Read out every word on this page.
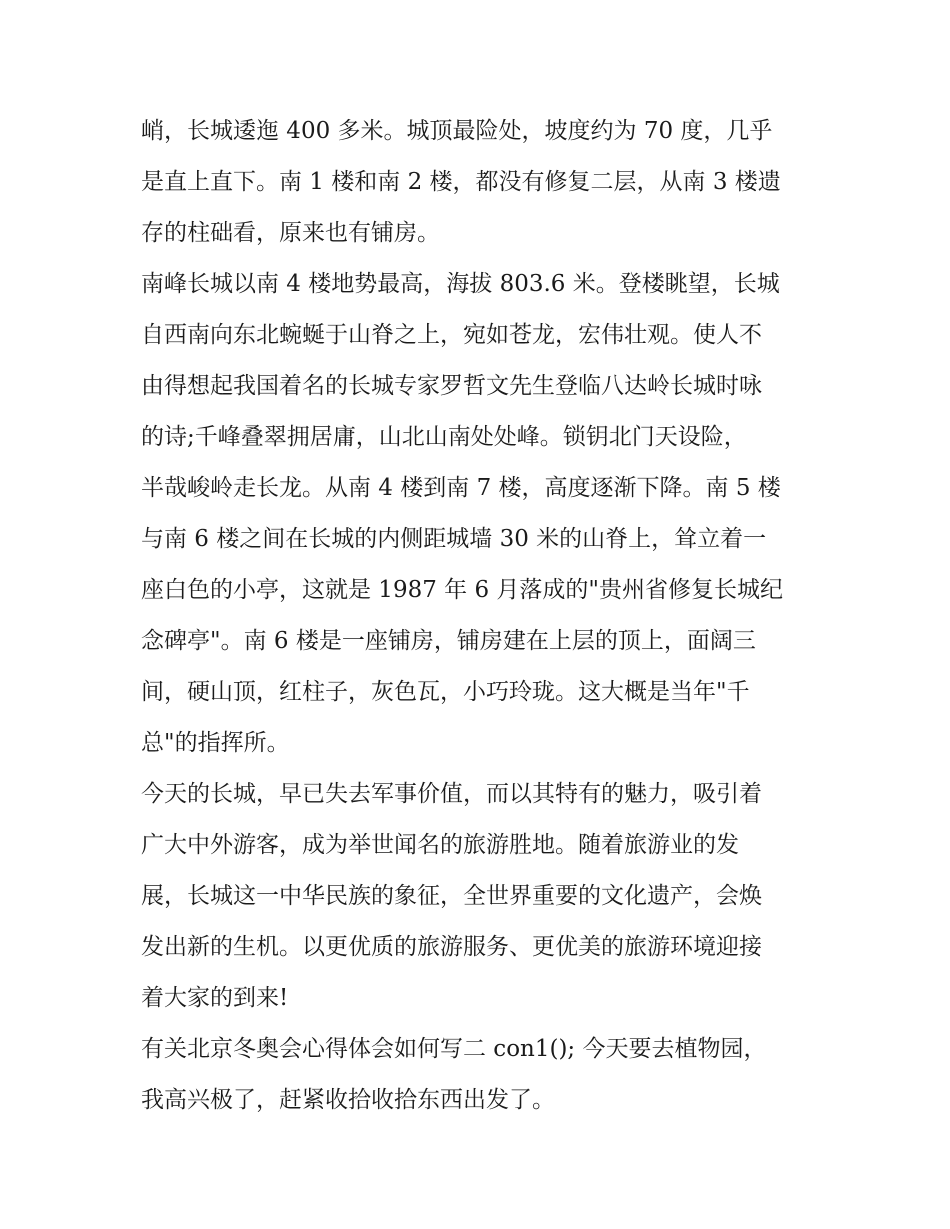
峭，长城逶迤 400 多米。城顶最险处，坡度约为 70 度，几乎
是直上直下。南 1 楼和南 2 楼，都没有修复二层，从南 3 楼遗
存的柱础看，原来也有铺房。
南峰长城以南 4 楼地势最高，海拔 803.6 米。登楼眺望，长城
自西南向东北蜿蜒于山脊之上，宛如苍龙，宏伟壮观。使人不
由得想起我国着名的长城专家罗哲文先生登临八达岭长城时咏
的诗;千峰叠翠拥居庸，山北山南处处峰。锁钥北门天设险，
半哉峻岭走长龙。从南 4 楼到南 7 楼，高度逐渐下降。南 5 楼
与南 6 楼之间在长城的内侧距城墙 30 米的山脊上，耸立着一
座白色的小亭，这就是 1987 年 6 月落成的"贵州省修复长城纪
念碑亭"。南 6 楼是一座铺房，铺房建在上层的顶上，面阔三
间，硬山顶，红柱子，灰色瓦，小巧玲珑。这大概是当年"千
总"的指挥所。
今天的长城，早已失去军事价值，而以其特有的魅力，吸引着
广大中外游客，成为举世闻名的旅游胜地。随着旅游业的发
展，长城这一中华民族的象征，全世界重要的文化遗产，会焕
发出新的生机。以更优质的旅游服务、更优美的旅游环境迎接
着大家的到来!
有关北京冬奥会心得体会如何写二 con1(); 今天要去植物园，
我高兴极了，赶紧收拾收拾东西出发了。
